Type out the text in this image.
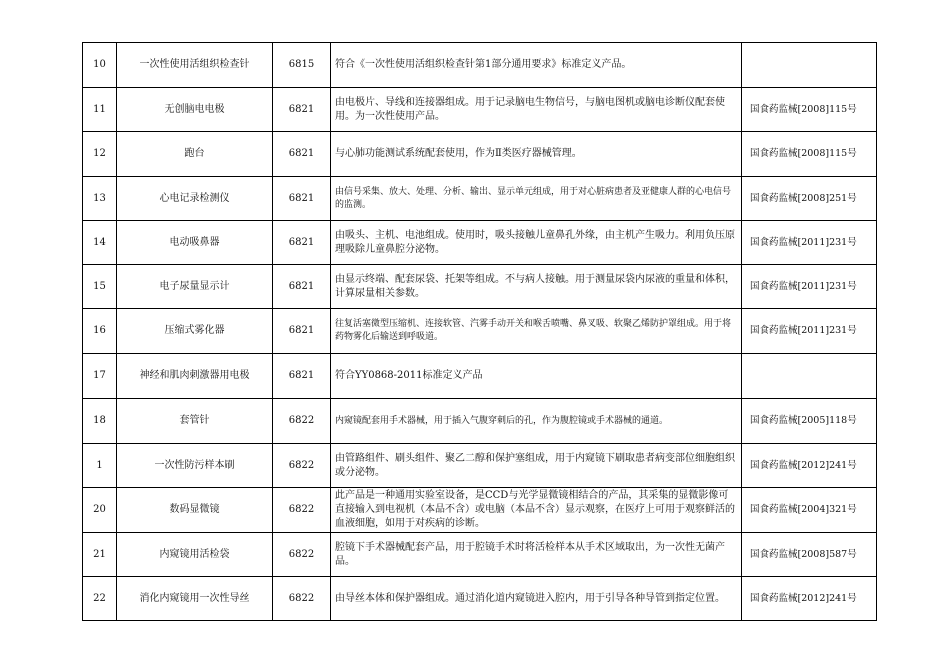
10	一次性使用活组织检查针	6815	符合《一次性使用活组织检查针第1部分通用要求》标准定义产品。	
11	无创脑电电极	6821	由电极片、导线和连接器组成。用于记录脑电生物信号，与脑电图机或脑电诊断仪配套使用。为一次性使用产品。	国食药监械[2008]115号
12	跑台	6821	与心肺功能测试系统配套使用，作为Ⅱ类医疗器械管理。	国食药监械[2008]115号
13	心电记录检测仪	6821	由信号采集、放大、处理、分析、输出、显示单元组成，用于对心脏病患者及亚健康人群的心电信号的监测。	国食药监械[2008]251号
14	电动吸鼻器	6821	由吸头、主机、电池组成。使用时，吸头接触儿童鼻孔外缘，由主机产生吸力。利用负压原理吸除儿童鼻腔分泌物。	国食药监械[2011]231号
15	电子尿量显示计	6821	由显示终端、配套尿袋、托架等组成。不与病人接触。用于测量尿袋内尿液的重量和体积，计算尿量相关参数。	国食药监械[2011]231号
16	压缩式雾化器	6821	往复活塞微型压缩机、连接软管、汽雾手动开关和喉舌喷嘴、鼻叉吸、软聚乙烯防护罩组成。用于将药物雾化后输送到呼吸道。	国食药监械[2011]231号
17	神经和肌肉刺激器用电极	6821	符合YY0868-2011标准定义产品	
18	套管针	6822	内窥镜配套用手术器械，用于插入气腹穿刺后的孔，作为腹腔镜或手术器械的通道。	国食药监械[2005]118号
1	一次性防污样本刷	6822	由管路组件、刷头组件、聚乙二醇和保护塞组成，用于内窥镜下刷取患者病变部位细胞组织或分泌物。	国食药监械[2012]241号
20	数码显微镜	6822	此产品是一种通用实验室设备，是CCD与光学显微镜相结合的产品，其采集的显微影像可直接输入到电视机（本品不含）或电脑（本品不含）显示观察，在医疗上可用于观察鲜活的血液细胞，如用于对疾病的诊断。	国食药监械[2004]321号
21	内窥镜用活检袋	6822	腔镜下手术器械配套产品，用于腔镜手术时将活检样本从手术区域取出，为一次性无菌产品。	国食药监械[2008]587号
22	消化内窥镜用一次性导丝	6822	由导丝本体和保护器组成。通过消化道内窥镜进入腔内，用于引导各种导管到指定位置。	国食药监械[2012]241号
